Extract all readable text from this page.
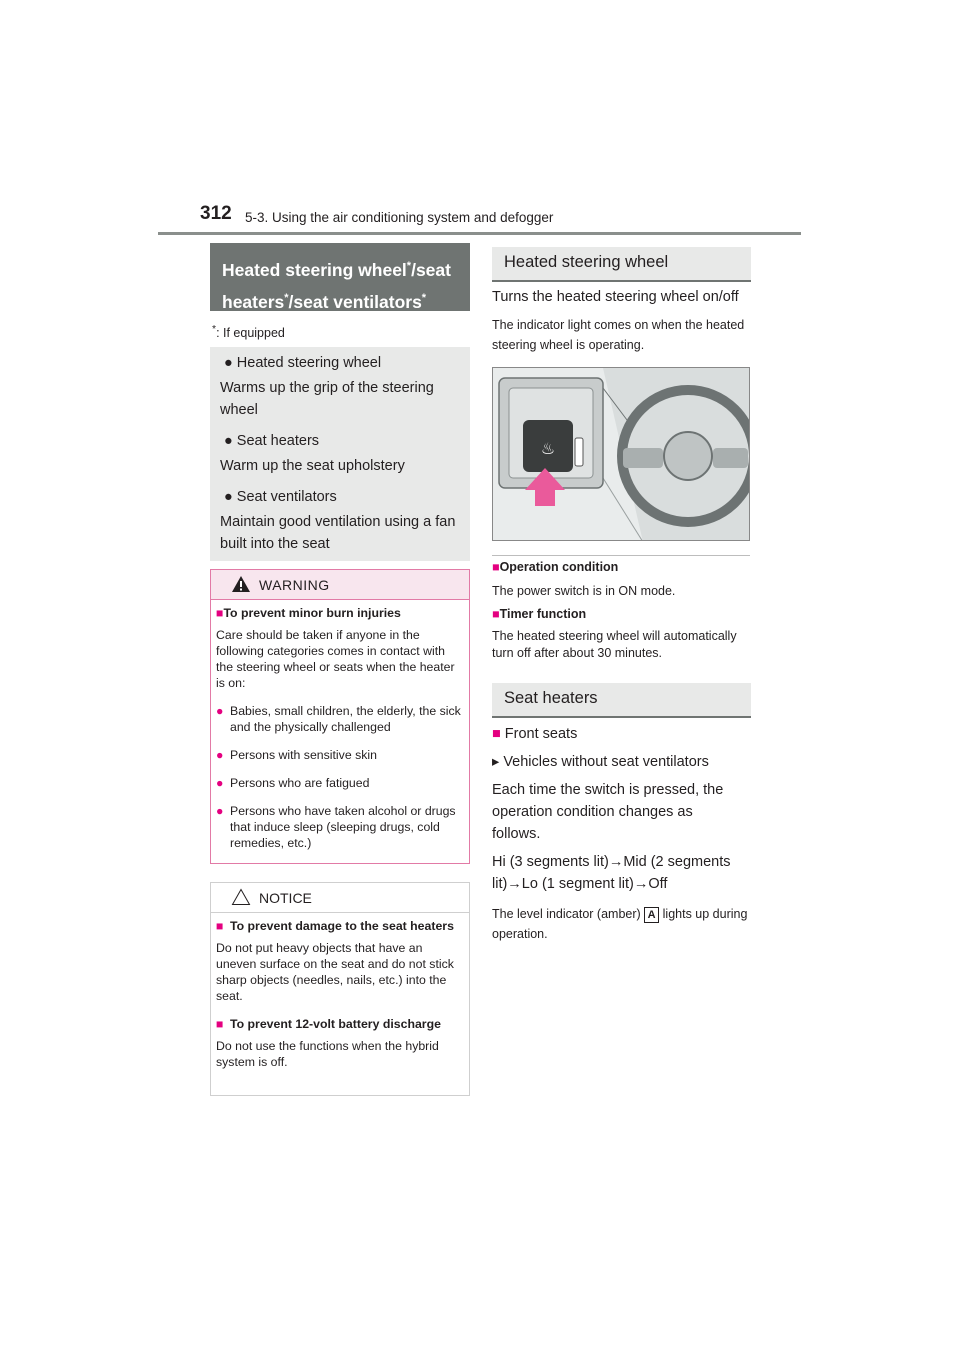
312 5-3. Using the air conditioning system and defogger
Heated steering wheel*/seat
heaters*/seat ventilators*
*: If equipped
● Heated steering wheel
Warms up the grip of the steering wheel
● Seat heaters
Warm up the seat upholstery
● Seat ventilators
Maintain good ventilation using a fan built into the seat
WARNING
■To prevent minor burn injuries
Care should be taken if anyone in the following categories comes in contact with the steering wheel or seats when the heater is on:
● Babies, small children, the elderly, the sick and the physically challenged
● Persons with sensitive skin
● Persons who are fatigued
● Persons who have taken alcohol or drugs that induce sleep (sleeping drugs, cold remedies, etc.)
NOTICE
■ To prevent damage to the seat heaters
Do not put heavy objects that have an uneven surface on the seat and do not stick sharp objects (needles, nails, etc.) into the seat.
■ To prevent 12-volt battery discharge
Do not use the functions when the hybrid system is off.
Heated steering wheel
Turns the heated steering wheel on/off
The indicator light comes on when the heated steering wheel is operating.
♨
■Operation condition
The power switch is in ON mode.
■Timer function
The heated steering wheel will automatically turn off after about 30 minutes.
Seat heaters
■ Front seats
▸ Vehicles without seat ventilators
Each time the switch is pressed, the operation condition changes as follows.
Hi (3 segments lit)→Mid (2 segments lit)→Lo (1 segment lit)→Off
The level indicator (amber) A lights up during operation.
